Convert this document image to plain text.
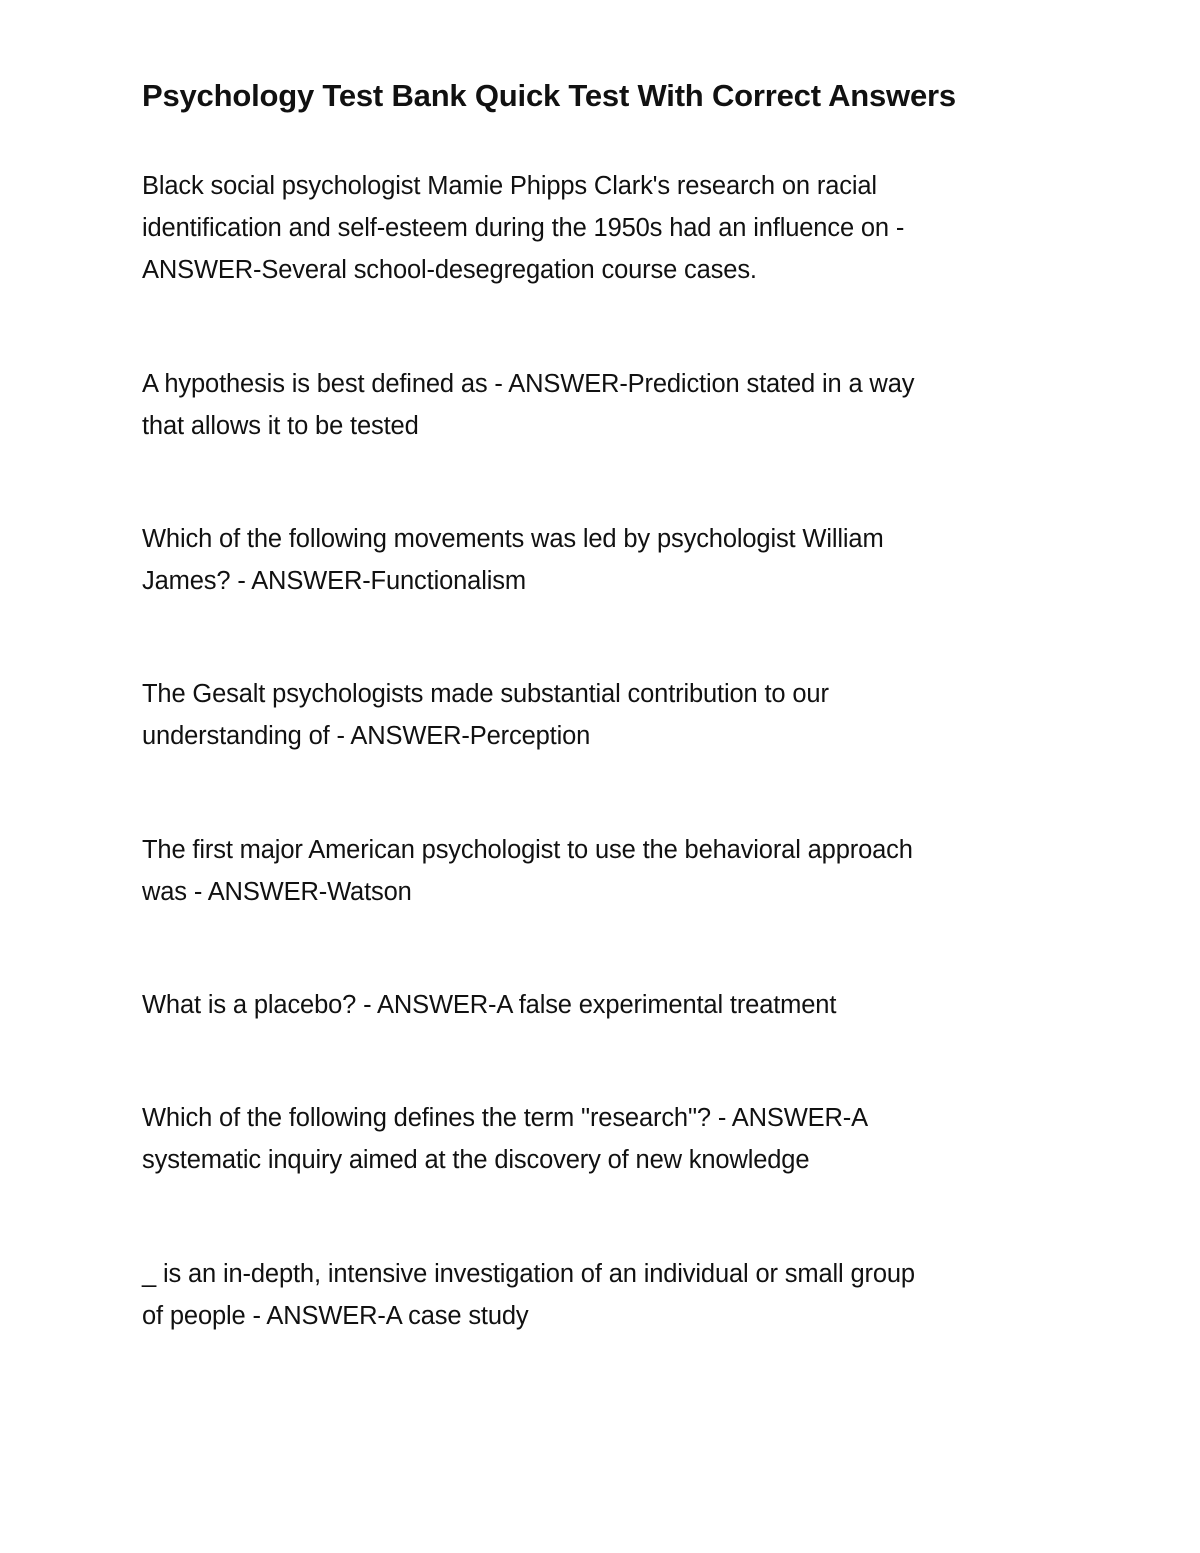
Psychology Test Bank Quick Test With Correct Answers

Black social psychologist Mamie Phipps Clark's research on racial
identification and self-esteem during the 1950s had an influence on -
ANSWER-Several school-desegregation course cases.

A hypothesis is best defined as - ANSWER-Prediction stated in a way
that allows it to be tested

Which of the following movements was led by psychologist William
James? - ANSWER-Functionalism

The Gesalt psychologists made substantial contribution to our
understanding of - ANSWER-Perception

The first major American psychologist to use the behavioral approach
was - ANSWER-Watson

What is a placebo? - ANSWER-A false experimental treatment

Which of the following defines the term "research"? - ANSWER-A
systematic inquiry aimed at the discovery of new knowledge

_ is an in-depth, intensive investigation of an individual or small group
of people - ANSWER-A case study
